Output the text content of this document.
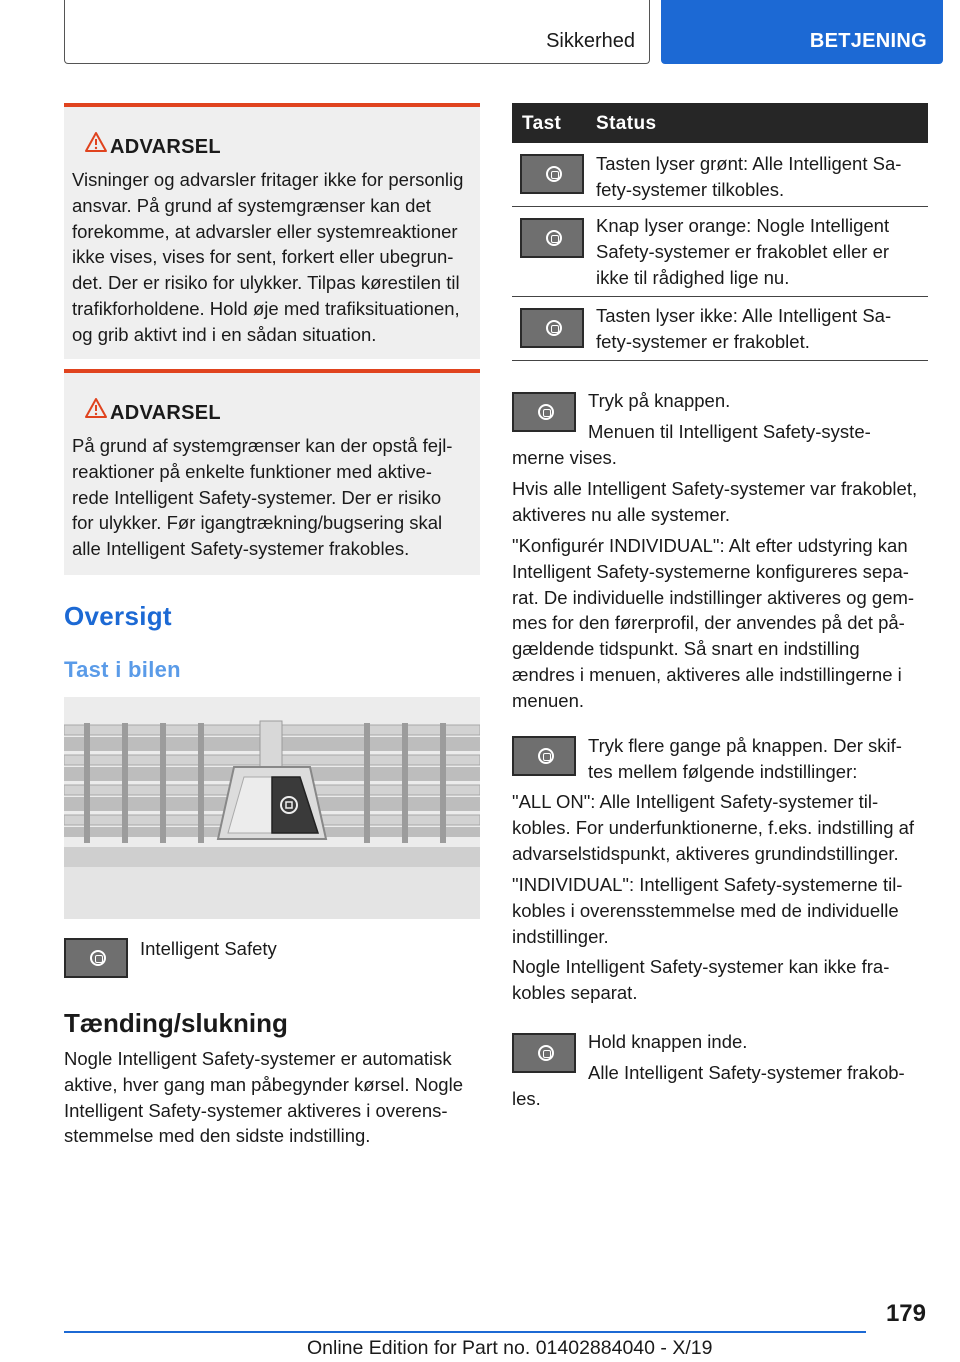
Sikkerhed	BETJENING
ADVARSEL
Visninger og advarsler fritager ikke for personlig
ansvar. På grund af systemgrænser kan det
forekomme, at advarsler eller systemreaktioner
ikke vises, vises for sent, forkert eller ubegrun-
det. Der er risiko for ulykker. Tilpas kørestilen til
trafikforholdene. Hold øje med trafiksituationen,
og grib aktivt ind i en sådan situation.
ADVARSEL
På grund af systemgrænser kan der opstå fejl-
reaktioner på enkelte funktioner med aktive-
rede Intelligent Safety-systemer. Der er risiko
for ulykker. Før igangtrækning/bugsering skal
alle Intelligent Safety-systemer frakobles.
Oversigt
Tast i bilen
Intelligent Safety
Tænding/slukning
Nogle Intelligent Safety-systemer er automatisk
aktive, hver gang man påbegynder kørsel. Nogle
Intelligent Safety-systemer aktiveres i overens-
stemmelse med den sidste indstilling.
Tast Status
Tasten lyser grønt: Alle Intelligent Sa-
fety-systemer tilkobles.
Knap lyser orange: Nogle Intelligent
Safety-systemer er frakoblet eller er
ikke til rådighed lige nu.
Tasten lyser ikke: Alle Intelligent Sa-
fety-systemer er frakoblet.
Tryk på knappen.
Menuen til Intelligent Safety-syste-
merne vises.
Hvis alle Intelligent Safety-systemer var frakoblet,
aktiveres nu alle systemer.
"Konfigurér INDIVIDUAL": Alt efter udstyring kan
Intelligent Safety-systemerne konfigureres sepa-
rat. De individuelle indstillinger aktiveres og gem-
mes for den førerprofil, der anvendes på det på-
gældende tidspunkt. Så snart en indstilling
ændres i menuen, aktiveres alle indstillingerne i
menuen.
Tryk flere gange på knappen. Der skif-
tes mellem følgende indstillinger:
"ALL ON": Alle Intelligent Safety-systemer til-
kobles. For underfunktionerne, f.eks. indstilling af
advarselstidspunkt, aktiveres grundindstillinger.
"INDIVIDUAL": Intelligent Safety-systemerne til-
kobles i overensstemmelse med de individuelle
indstillinger.
Nogle Intelligent Safety-systemer kan ikke fra-
kobles separat.
Hold knappen inde.
Alle Intelligent Safety-systemer frakob-
les.
179
Online Edition for Part no. 01402884040 - X/19
